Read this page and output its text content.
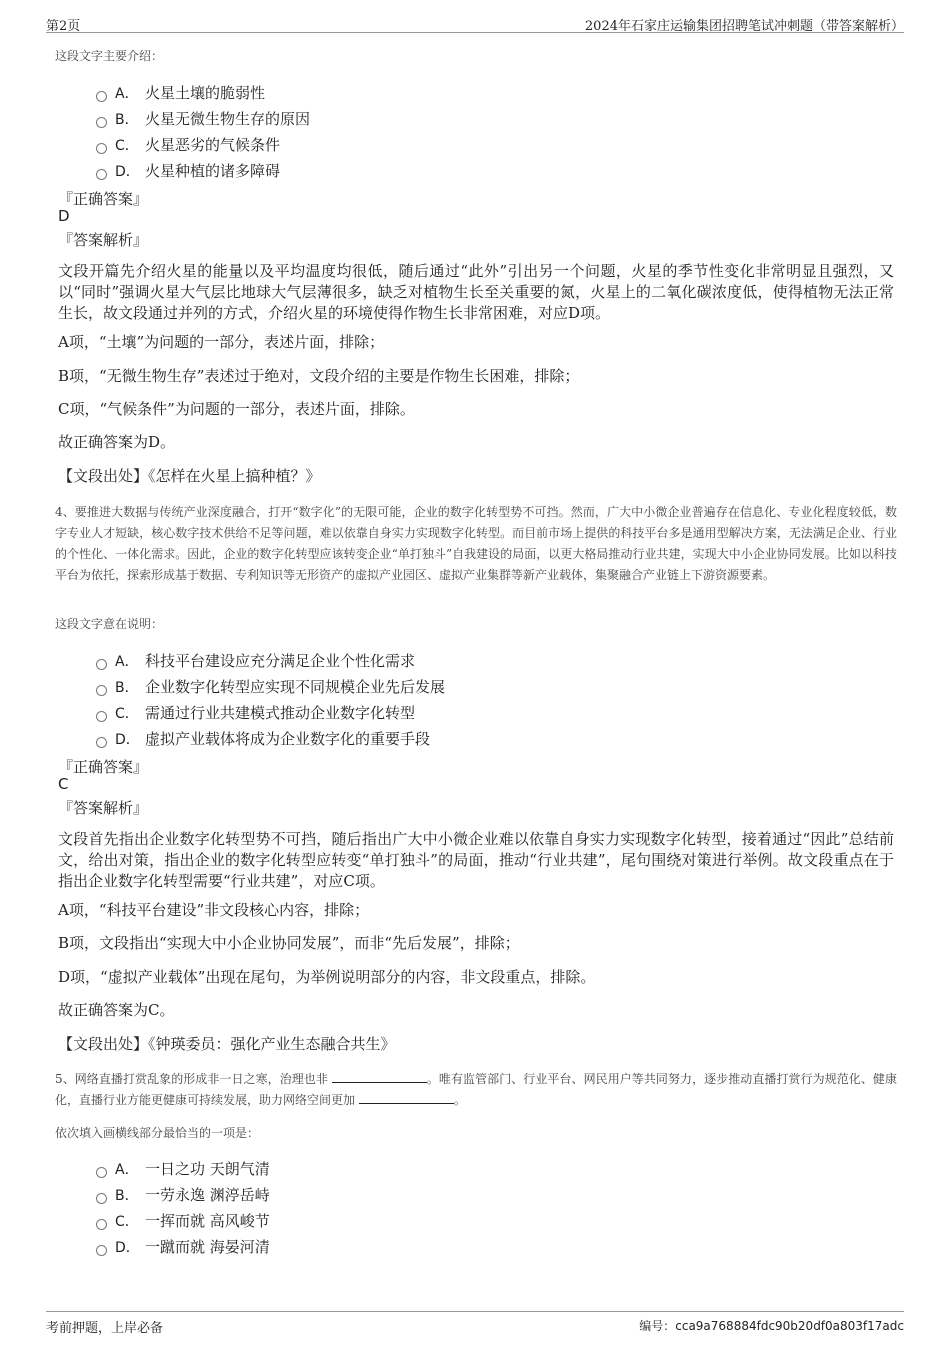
第2页	2024年石家庄运输集团招聘笔试冲刺题（带答案解析）
这段文字主要介绍：
A． 火星土壤的脆弱性
B． 火星无微生物生存的原因
C． 火星恶劣的气候条件
D． 火星种植的诸多障碍
『正确答案』
D
『答案解析』
文段开篇先介绍火星的能量以及平均温度均很低，随后通过“此外”引出另一个问题，火星的季节性变化非常明显且强烈，又以“同时”强调火星大气层比地球大气层薄很多，缺乏对植物生长至关重要的氮，火星上的二氧化碳浓度低，使得植物无法正常生长，故文段通过并列的方式，介绍火星的环境使得作物生长非常困难，对应D项。
A项，“土壤”为问题的一部分，表述片面，排除；
B项，“无微生物生存”表述过于绝对，文段介绍的主要是作物生长困难，排除；
C项，“气候条件”为问题的一部分，表述片面，排除。
故正确答案为D。
【文段出处】《怎样在火星上搞种植？》
4、要推进大数据与传统产业深度融合，打开“数字化”的无限可能，企业的数字化转型势不可挡。然而，广大中小微企业普遍存在信息化、专业化程度较低，数字专业人才短缺，核心数字技术供给不足等问题，难以依靠自身实力实现数字化转型。而目前市场上提供的科技平台多是通用型解决方案，无法满足企业、行业的个性化、一体化需求。因此，企业的数字化转型应该转变企业“单打独斗”自我建设的局面，以更大格局推动行业共建，实现大中小企业协同发展。比如以科技平台为依托，探索形成基于数据、专利知识等无形资产的虚拟产业园区、虚拟产业集群等新产业载体，集聚融合产业链上下游资源要素。
这段文字意在说明：
A． 科技平台建设应充分满足企业个性化需求
B． 企业数字化转型应实现不同规模企业先后发展
C． 需通过行业共建模式推动企业数字化转型
D． 虚拟产业载体将成为企业数字化的重要手段
『正确答案』
C
『答案解析』
文段首先指出企业数字化转型势不可挡，随后指出广大中小微企业难以依靠自身实力实现数字化转型，接着通过“因此”总结前文，给出对策，指出企业的数字化转型应转变“单打独斗”的局面，推动“行业共建”，尾句围绕对策进行举例。故文段重点在于指出企业数字化转型需要“行业共建”，对应C项。
A项，“科技平台建设”非文段核心内容，排除；
B项，文段指出“实现大中小企业协同发展”，而非“先后发展”，排除；
D项，“虚拟产业载体”出现在尾句，为举例说明部分的内容，非文段重点，排除。
故正确答案为C。
【文段出处】《钟瑛委员：强化产业生态融合共生》
5、网络直播打赏乱象的形成非一日之寒，治理也非	。唯有监管部门、行业平台、网民用户等共同努力，逐步推动直播打赏行为规范化、健康化，直播行业方能更健康可持续发展，助力网络空间更加	。
依次填入画横线部分最恰当的一项是：
A． 一日之功 天朗气清
B． 一劳永逸 渊渟岳峙
C． 一挥而就 高风峻节
D． 一蹴而就 海晏河清
考前押题，上岸必备	编号：cca9a768884fdc90b20df0a803f17adc
